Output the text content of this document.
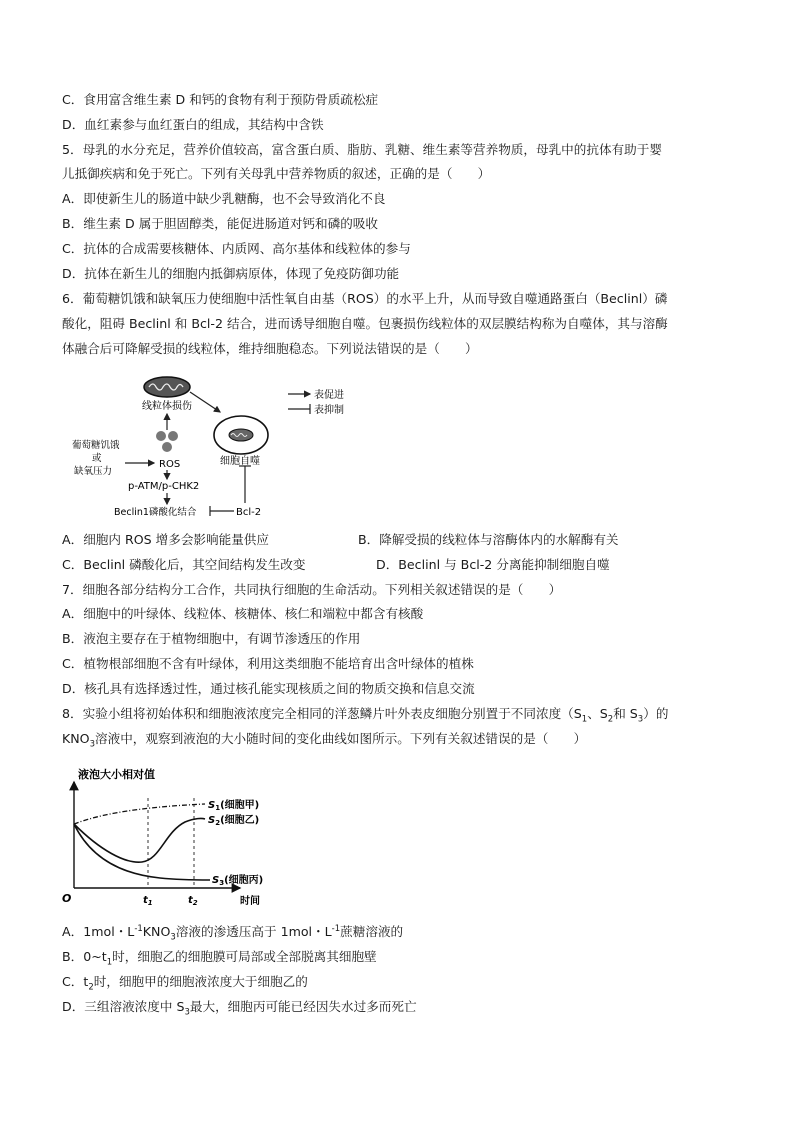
C．食用富含维生素 D 和钙的食物有利于预防骨质疏松症
D．血红素参与血红蛋白的组成，其结构中含铁
5．母乳的水分充足，营养价值较高，富含蛋白质、脂肪、乳糖、维生素等营养物质，母乳中的抗体有助于婴
儿抵御疾病和免于死亡。下列有关母乳中营养物质的叙述，正确的是（　　）
A．即使新生儿的肠道中缺少乳糖酶，也不会导致消化不良
B．维生素 D 属于胆固醇类，能促进肠道对钙和磷的吸收
C．抗体的合成需要核糖体、内质网、高尔基体和线粒体的参与
D．抗体在新生儿的细胞内抵御病原体，体现了免疫防御功能
6．葡萄糖饥饿和缺氧压力使细胞中活性氧自由基（ROS）的水平上升，从而导致自噬通路蛋白（Beclinl）磷
酸化，阻碍 Beclinl 和 Bcl-2 结合，进而诱导细胞自噬。包裹损伤线粒体的双层膜结构称为自噬体，其与溶酶
体融合后可降解受损的线粒体，维持细胞稳态。下列说法错误的是（　　）
线粒体损伤
葡萄糖饥饿
或
缺氧压力
ROS
p-ATM/p-CHK2
Beclin1磷酸化结合	Bcl-2
细胞自噬
表促进
表抑制
A．细胞内 ROS 增多会影响能量供应	B．降解受损的线粒体与溶酶体内的水解酶有关
C．Beclinl 磷酸化后，其空间结构发生改变	D．Beclinl 与 Bcl-2 分离能抑制细胞自噬
7．细胞各部分结构分工合作，共同执行细胞的生命活动。下列相关叙述错误的是（　　）
A．细胞中的叶绿体、线粒体、核糖体、核仁和端粒中都含有核酸
B．液泡主要存在于植物细胞中，有调节渗透压的作用
C．植物根部细胞不含有叶绿体，利用这类细胞不能培育出含叶绿体的植株
D．核孔具有选择透过性，通过核孔能实现核质之间的物质交换和信息交流
8．实验小组将初始体积和细胞液浓度完全相同的洋葱鳞片叶外表皮细胞分别置于不同浓度（$S_1$、$S_2$和 $S_3$）的
$KNO_3$溶液中，观察到液泡的大小随时间的变化曲线如图所示。下列有关叙述错误的是（　　）
液泡大小相对值
O	时间
$t_1$	$t_2$
$S_1$(细胞甲)
$S_2$(细胞乙)
$S_3$(细胞丙)
A．1mol・$L^{-1}KNO_3$溶液的渗透压高于 1mol・$L^{-1}$蔗糖溶液的
B．$0\sim t_1$时，细胞乙的细胞膜可局部或全部脱离其细胞壁
C．$t_2$时，细胞甲的细胞液浓度大于细胞乙的
D．三组溶液浓度中 $S_3$最大，细胞丙可能已经因失水过多而死亡
